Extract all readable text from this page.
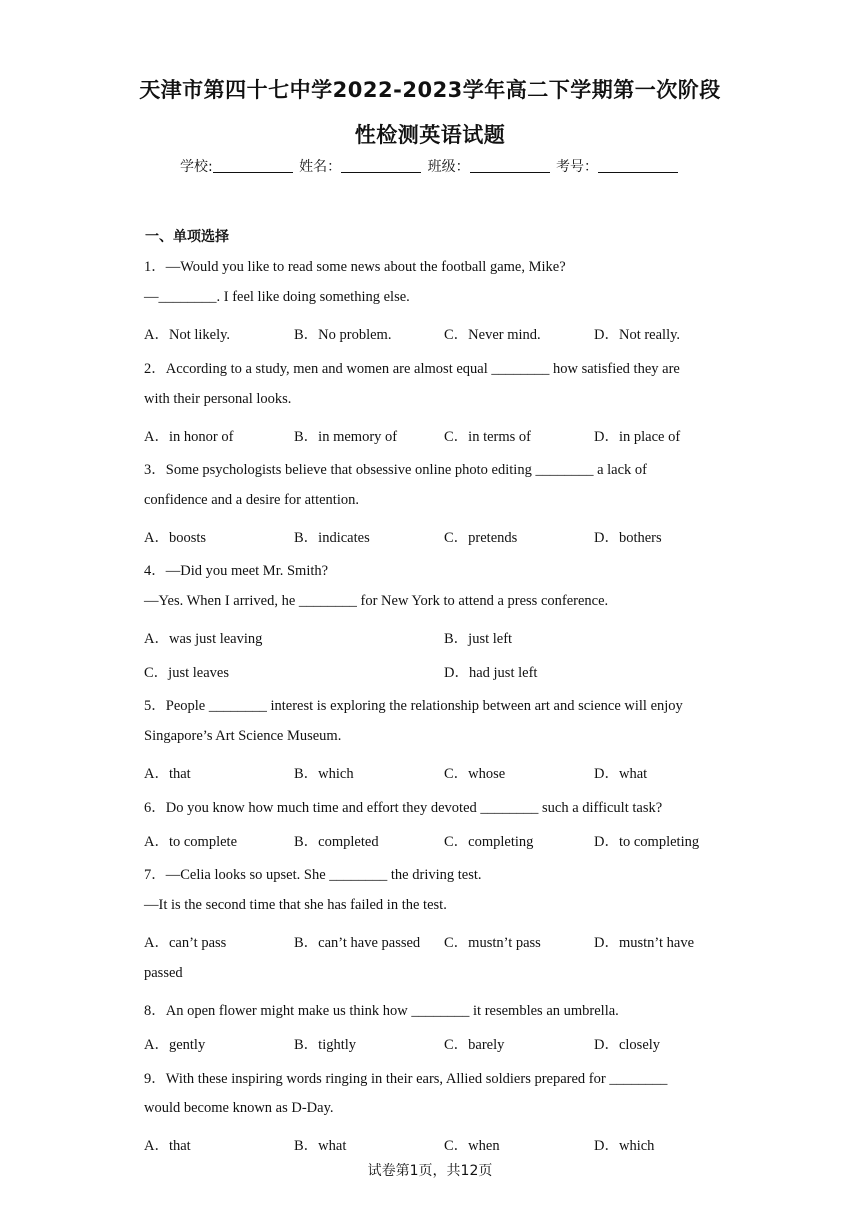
天津市第四十七中学2022-2023学年高二下学期第一次阶段
性检测英语试题
学校:	姓名：	班级：	考号：
一、单项选择
1．—Would you like to read some news about the football game, Mike?
—________. I feel like doing something else.
A．Not likely.	B．No problem.	C．Never mind.	D．Not really.
2．According to a study, men and women are almost equal ________ how satisfied they are
with their personal looks.
A．in honor of	B．in memory of	C．in terms of	D．in place of
3．Some psychologists believe that obsessive online photo editing ________ a lack of
confidence and a desire for attention.
A．boosts	B．indicates	C．pretends	D．bothers
4．—Did you meet Mr. Smith?
—Yes. When I arrived, he ________ for New York to attend a press conference.
A．was just leaving	B．just left
C．just leaves	D．had just left
5．People ________ interest is exploring the relationship between art and science will enjoy
Singapore’s Art Science Museum.
A．that	B．which	C．whose	D．what
6．Do you know how much time and effort they devoted ________ such a difficult task?
A．to complete	B．completed	C．completing	D．to completing
7．—Celia looks so upset. She ________ the driving test.
—It is the second time that she has failed in the test.
A．can’t pass	B．can’t have passed C．mustn’t pass	D．mustn’t have
passed
8．An open flower might make us think how ________ it resembles an umbrella.
A．gently	B．tightly	C．barely	D．closely
9．With these inspiring words ringing in their ears, Allied soldiers prepared for ________
would become known as D-Day.
A．that	B．what	C．when	D．which
试卷第1页，共12页
